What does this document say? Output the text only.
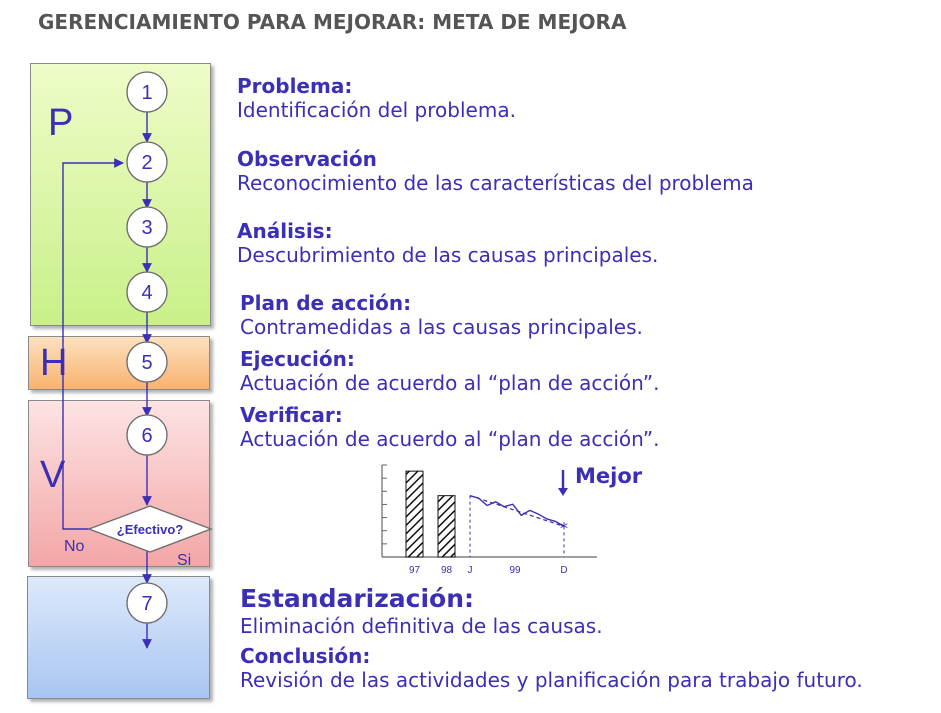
GERENCIAMIENTO PARA MEJORAR: META DE MEJORA
P
H
V
1
2
3
4
5
6
7
¿Efectivo?
No
Si
Problema:
Identificación del problema.
Observación
Reconocimiento de las características del problema
Análisis:
Descubrimiento de las causas principales.
Plan de acción:
Contramedidas a las causas principales.
Ejecución:
Actuación de acuerdo al “plan de acción”.
Verificar:
Actuación de acuerdo al “plan de acción”.
Estandarización:
Eliminación definitiva de las causas.
Conclusión:
Revisión de las actividades y planificación para trabajo futuro.
*
97 98 J	99	D
Mejor
